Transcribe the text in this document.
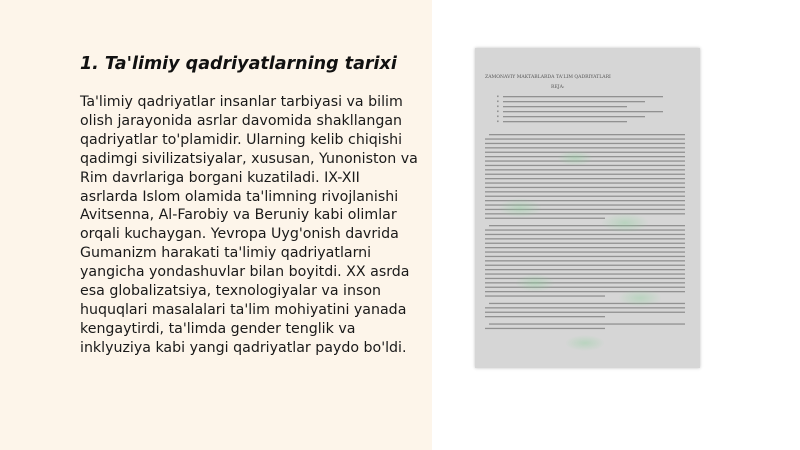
1. Ta'limiy qadriyatlarning tarixi

Ta'limiy qadriyatlar insanlar tarbiyasi va bilim olish jarayonida asrlar davomida shakllangan qadriyatlar to'plamidir. Ularning kelib chiqishi qadimgi sivilizatsiyalar, xususan, Yunoniston va Rim davrlariga borgani kuzatiladi. IX-XII asrlarda Islom olamida ta'limning rivojlanishi Avitsenna, Al-Farobiy va Beruniy kabi olimlar orqali kuchaygan. Yevropa Uyg'onish davrida Gumanizm harakati ta'limiy qadriyatlarni yangicha yondashuvlar bilan boyitdi. XX asrda esa globalizatsiya, texnologiyalar va inson huquqlari masalalari ta'lim mohiyatini yanada kengaytirdi, ta'limda gender tenglik va inklyuziya kabi yangi qadriyatlar paydo bo'ldi.

ZAMONAVIY MAKTABLARDA TA'LIM QADRIYATLARI
REJA:
